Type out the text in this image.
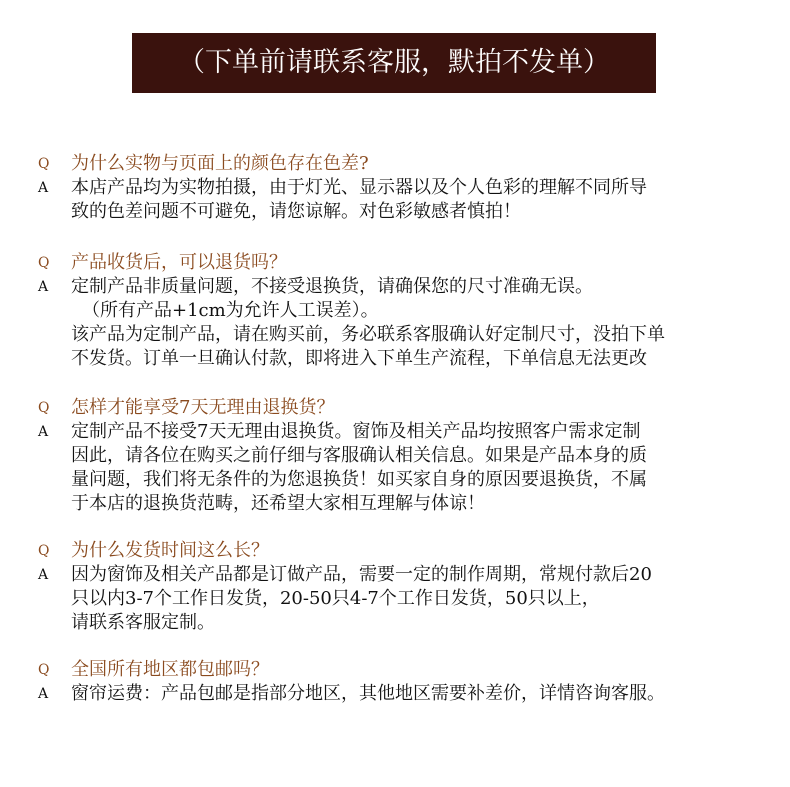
（下单前请联系客服，默拍不发单）
Q	为什么实物与页面上的颜色存在色差?
A	本店产品均为实物拍摄，由于灯光、显示器以及个人色彩的理解不同所导
致的色差问题不可避免，请您谅解。对色彩敏感者慎拍！
Q	产品收货后，可以退货吗？
A	定制产品非质量问题，不接受退换货，请确保您的尺寸准确无误。
（所有产品+1cm为允许人工误差）。
该产品为定制产品，请在购买前，务必联系客服确认好定制尺寸，没拍下单
不发货。订单一旦确认付款，即将进入下单生产流程，下单信息无法更改
Q	怎样才能享受7天无理由退换货？
A	定制产品不接受7天无理由退换货。窗饰及相关产品均按照客户需求定制
因此，请各位在购买之前仔细与客服确认相关信息。如果是产品本身的质
量问题，我们将无条件的为您退换货！如买家自身的原因要退换货，不属
于本店的退换货范畴，还希望大家相互理解与体谅！
Q	为什么发货时间这么长？
A	因为窗饰及相关产品都是订做产品，需要一定的制作周期，常规付款后20
只以内3-7个工作日发货，20-50只4-7个工作日发货，50只以上，
请联系客服定制。
Q	全国所有地区都包邮吗？
A	窗帘运费：产品包邮是指部分地区，其他地区需要补差价，详情咨询客服。
